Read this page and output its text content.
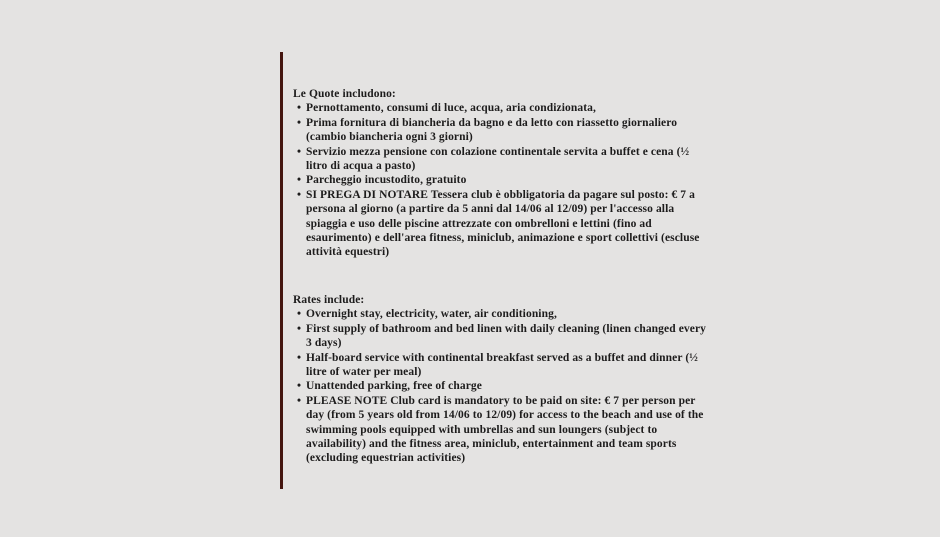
Le Quote includono:
• Pernottamento, consumi di luce, acqua, aria condizionata,
• Prima fornitura di biancheria da bagno e da letto con riassetto giornaliero (cambio biancheria ogni 3 giorni)
• Servizio mezza pensione con colazione continentale servita a buffet e cena (½ litro di acqua a pasto)
• Parcheggio incustodito, gratuito
• SI PREGA DI NOTARE Tessera club è obbligatoria da pagare sul posto: € 7 a persona al giorno (a partire da 5 anni dal 14/06 al 12/09) per l'accesso alla spiaggia e uso delle piscine attrezzate con ombrelloni e lettini (fino ad esaurimento) e dell'area fitness, miniclub, animazione e sport collettivi (escluse attività equestri)
Rates include:
• Overnight stay, electricity, water, air conditioning,
• First supply of bathroom and bed linen with daily cleaning (linen changed every 3 days)
• Half-board service with continental breakfast served as a buffet and dinner (½ litre of water per meal)
• Unattended parking, free of charge
• PLEASE NOTE Club card is mandatory to be paid on site: € 7 per person per day (from 5 years old from 14/06 to 12/09) for access to the beach and use of the swimming pools equipped with umbrellas and sun loungers (subject to availability) and the fitness area, miniclub, entertainment and team sports (excluding equestrian activities)
